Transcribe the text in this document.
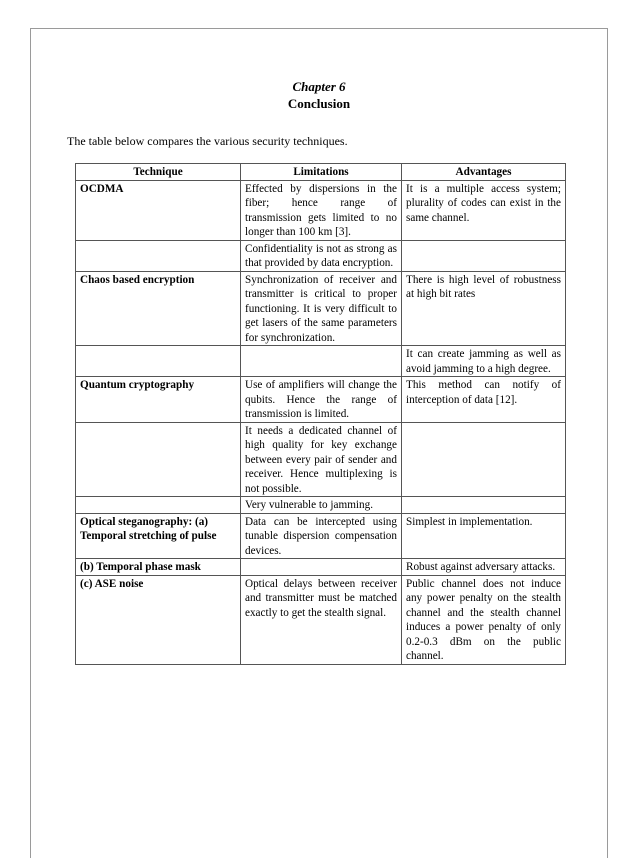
Chapter 6
Conclusion
The table below compares the various security techniques.
Technique	Limitations	Advantages
OCDMA	Effected by dispersions in the fiber; hence range of transmission gets limited to no longer than 100 km [3].	It is a multiple access system; plurality of codes can exist in the same channel.
	Confidentiality is not as strong as that provided by data encryption.	
Chaos based encryption	Synchronization of receiver and transmitter is critical to proper functioning. It is very difficult to get lasers of the same parameters for synchronization.	There is high level of robustness at high bit rates
		It can create jamming as well as avoid jamming to a high degree.
Quantum cryptography	Use of amplifiers will change the qubits. Hence the range of transmission is limited.	This method can notify of interception of data [12].
	It needs a dedicated channel of high quality for key exchange between every pair of sender and receiver. Hence multiplexing is not possible.	
	Very vulnerable to jamming.	
Optical steganography: (a) Temporal stretching of pulse	Data can be intercepted using tunable dispersion compensation devices.	Simplest in implementation.
(b) Temporal phase mask		Robust against adversary attacks.
(c) ASE noise	Optical delays between receiver and transmitter must be matched exactly to get the stealth signal.	Public channel does not induce any power penalty on the stealth channel and the stealth channel induces a power penalty of only 0.2-0.3 dBm on the public channel.
